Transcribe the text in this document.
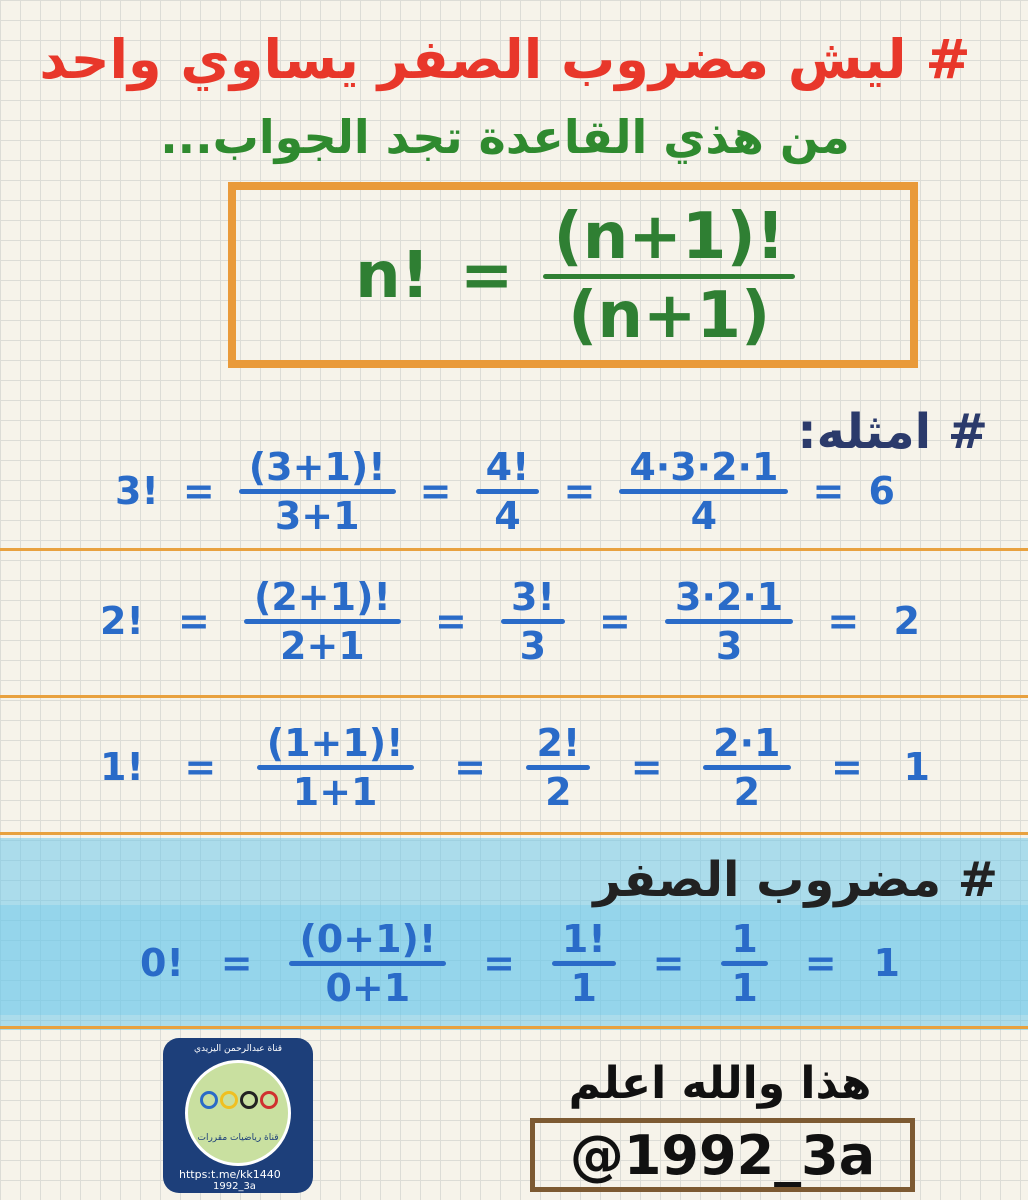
# ليش مضروب الصفر يساوي واحد
من هذي القاعدة تجد الجواب...
n! =
(n+1)!
(n+1)
# امثله:
3! =
(3+1)!
3+1
=
4!
4
=
4·3·2·1
4
= 6
2! =
(2+1)!
2+1
=
3!
3
=
3·2·1
3
= 2
1! =
(1+1)!
1+1
=
2!
2
=
2·1
2
= 1
# مضروب الصفر
0! =
(0+1)!
0+1
=
1!
1
=
1
1
= 1
قناة عبدالرحمن اليزيدي
قناة رياضيات مقررات
https:t.me/kk1440
1992_3a
هذا والله اعلم
@1992_3a
